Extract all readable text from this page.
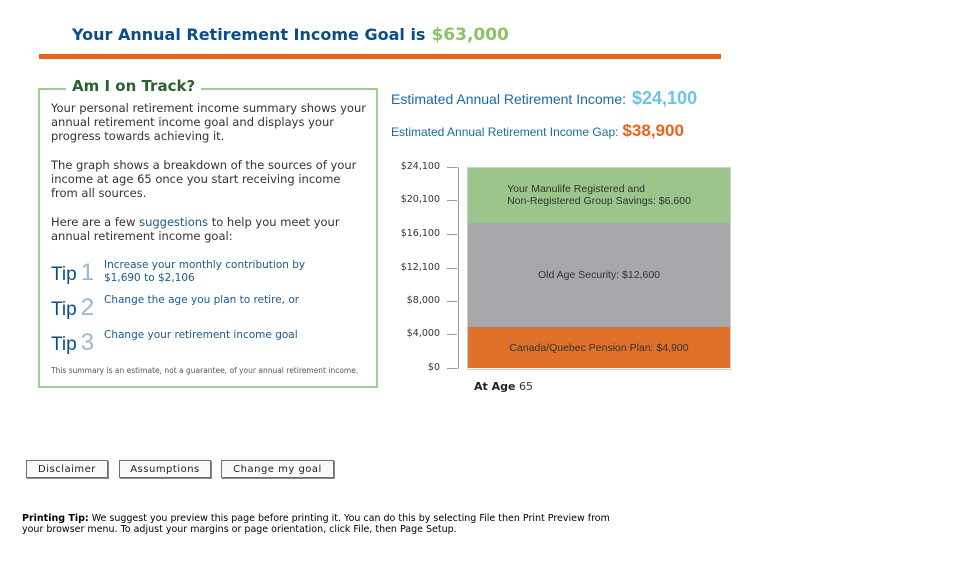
Your Annual Retirement Income Goal is $63,000
Am I on Track?
Your personal retirement income summary shows your annual retirement income goal and displays your progress towards achieving it.
The graph shows a breakdown of the sources of your income at age 65 once you start receiving income from all sources.
Here are a few suggestions to help you meet your annual retirement income goal:
Tip 1 Increase your monthly contribution by
$1,690 to $2,106
Tip 2 Change the age you plan to retire, or
Tip 3 Change your retirement income goal
This summary is an estimate, not a guarantee, of your annual retirement income.
Estimated Annual Retirement Income: $24,100
Estimated Annual Retirement Income Gap: $38,900
$24,100
$20,100
$16,100
$12,100
$8,000
$4,000
$0
Canada/Quebec Pension Plan: $4,900
Old Age Security: $12,600
Your Manulife Registered and
Non-Registered Group Savings: $6,600
At Age 65
Disclaimer	Assumptions	Change my goal
Printing Tip: We suggest you preview this page before printing it. You can do this by selecting File then Print Preview from your browser menu. To adjust your margins or page orientation, click File, then Page Setup.
